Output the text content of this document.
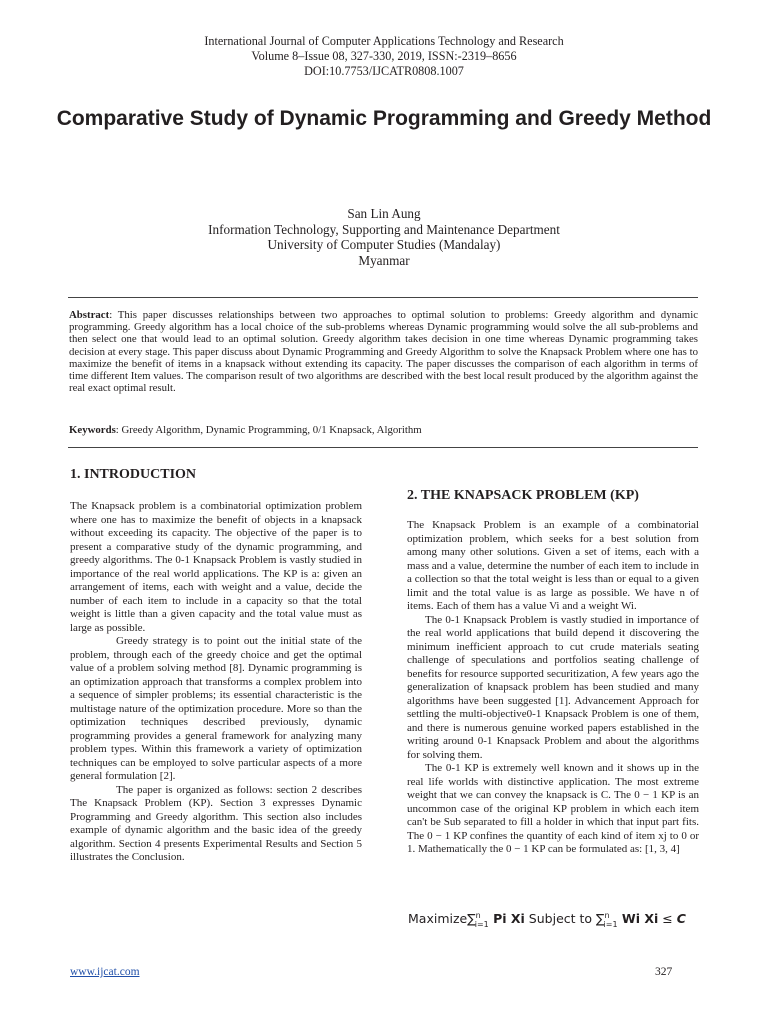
International Journal of Computer Applications Technology and Research
Volume 8–Issue 08, 327-330, 2019, ISSN:-2319–8656
DOI:10.7753/IJCATR0808.1007
Comparative Study of Dynamic Programming and Greedy Method
San Lin Aung
Information Technology, Supporting and Maintenance Department
University of Computer Studies (Mandalay)
Myanmar

Abstract: This paper discusses relationships between two approaches to optimal solution to problems: Greedy algorithm and dynamic programming. Greedy algorithm has a local choice of the sub-problems whereas Dynamic programming would solve the all sub-problems and then select one that would lead to an optimal solution. Greedy algorithm takes decision in one time whereas Dynamic programming takes decision at every stage. This paper discuss about Dynamic Programming and Greedy Algorithm to solve the Knapsack Problem where one has to maximize the benefit of items in a knapsack without extending its capacity. The paper discusses the comparison of each algorithm in terms of time different Item values. The comparison result of two algorithms are described with the best local result produced by the algorithm against the real exact optimal result.

Keywords: Greedy Algorithm, Dynamic Programming, 0/1 Knapsack, Algorithm

1. INTRODUCTION

The Knapsack problem is a combinatorial optimization problem where one has to maximize the benefit of objects in a knapsack without exceeding its capacity. The objective of the paper is to present a comparative study of the dynamic programming, and greedy algorithms. The 0-1 Knapsack Problem is vastly studied in importance of the real world applications. The KP is a: given an arrangement of items, each with weight and a value, decide the number of each item to include in a capacity so that the total weight is little than a given capacity and the total value must as large as possible.

Greedy strategy is to point out the initial state of the problem, through each of the greedy choice and get the optimal value of a problem solving method [8]. Dynamic programming is an optimization approach that transforms a complex problem into a sequence of simpler problems; its essential characteristic is the multistage nature of the optimization procedure. More so than the optimization techniques described previously, dynamic programming provides a general framework for analyzing many problem types. Within this framework a variety of optimization techniques can be employed to solve particular aspects of a more general formulation [2].

The paper is organized as follows: section 2 describes The Knapsack Problem (KP). Section 3 expresses Dynamic Programming and Greedy algorithm. This section also includes example of dynamic algorithm and the basic idea of the greedy algorithm. Section 4 presents Experimental Results and Section 5 illustrates the Conclusion.

2. THE KNAPSACK PROBLEM (KP)

The Knapsack Problem is an example of a combinatorial optimization problem, which seeks for a best solution from among many other solutions. Given a set of items, each with a mass and a value, determine the number of each item to include in a collection so that the total weight is less than or equal to a given limit and the total value is as large as possible. We have n of items. Each of them has a value Vi and a weight Wi.

The 0-1 Knapsack Problem is vastly studied in importance of the real world applications that build depend it discovering the minimum inefficient approach to cut crude materials seating challenge of speculations and portfolios seating challenge of benefits for resource supported securitization, A few years ago the generalization of knapsack problem has been studied and many algorithms have been suggested [1]. Advancement Approach for settling the multi-objective0-1 Knapsack Problem is one of them, and there is numerous genuine worked papers established in the writing around 0-1 Knapsack Problem and about the algorithms for solving them.

The 0-1 KP is extremely well known and it shows up in the real life worlds with distinctive application. The most extreme weight that we can convey the knapsack is C. The 0 − 1 KP is an uncommon case of the original KP problem in which each item can't be Sub separated to fill a holder in which that input part fits. The 0 − 1 KP confines the quantity of each kind of item xj to 0 or 1. Mathematically the 0 − 1 KP can be formulated as: [1, 3, 4]

Maximize∑$^n_{i=1}$ Pi Xi Subject to ∑$^n_{i=1}$ Wi Xi ≤ C
www.ijcat.com	327
